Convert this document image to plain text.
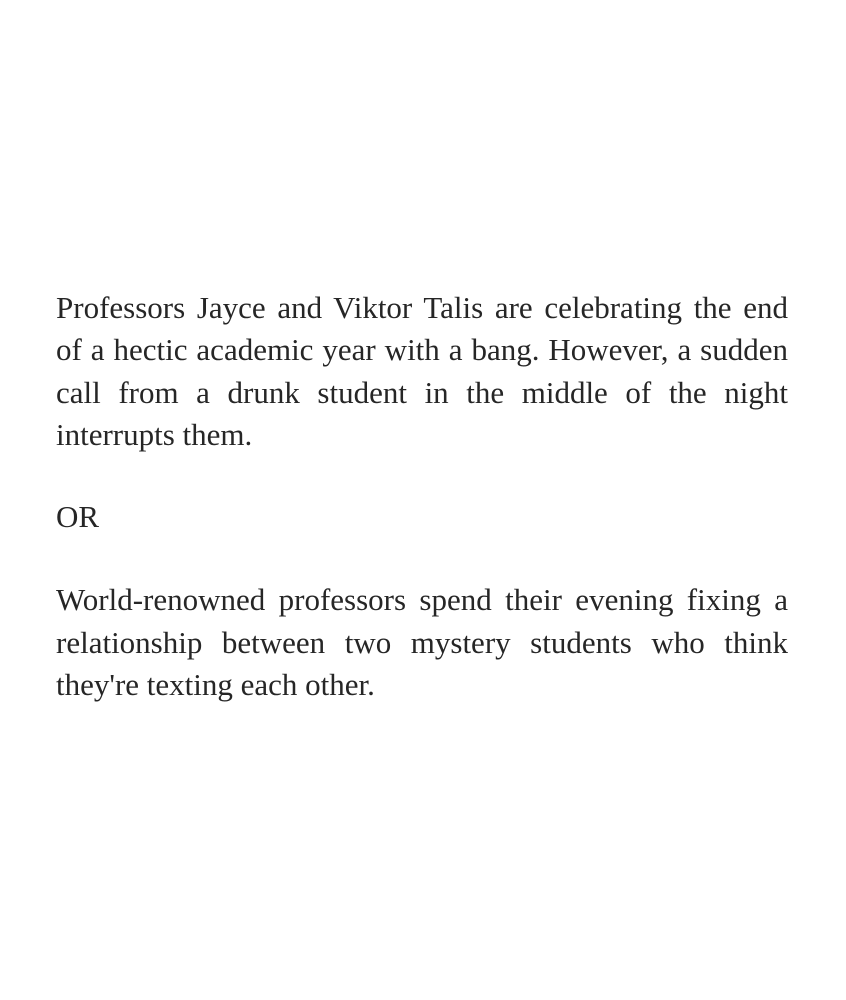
Professors Jayce and Viktor Talis are celebrating the end of a hectic academic year with a bang. However, a sudden call from a drunk student in the middle of the night interrupts them.

OR

World-renowned professors spend their evening fixing a relationship between two mystery students who think they're texting each other.
